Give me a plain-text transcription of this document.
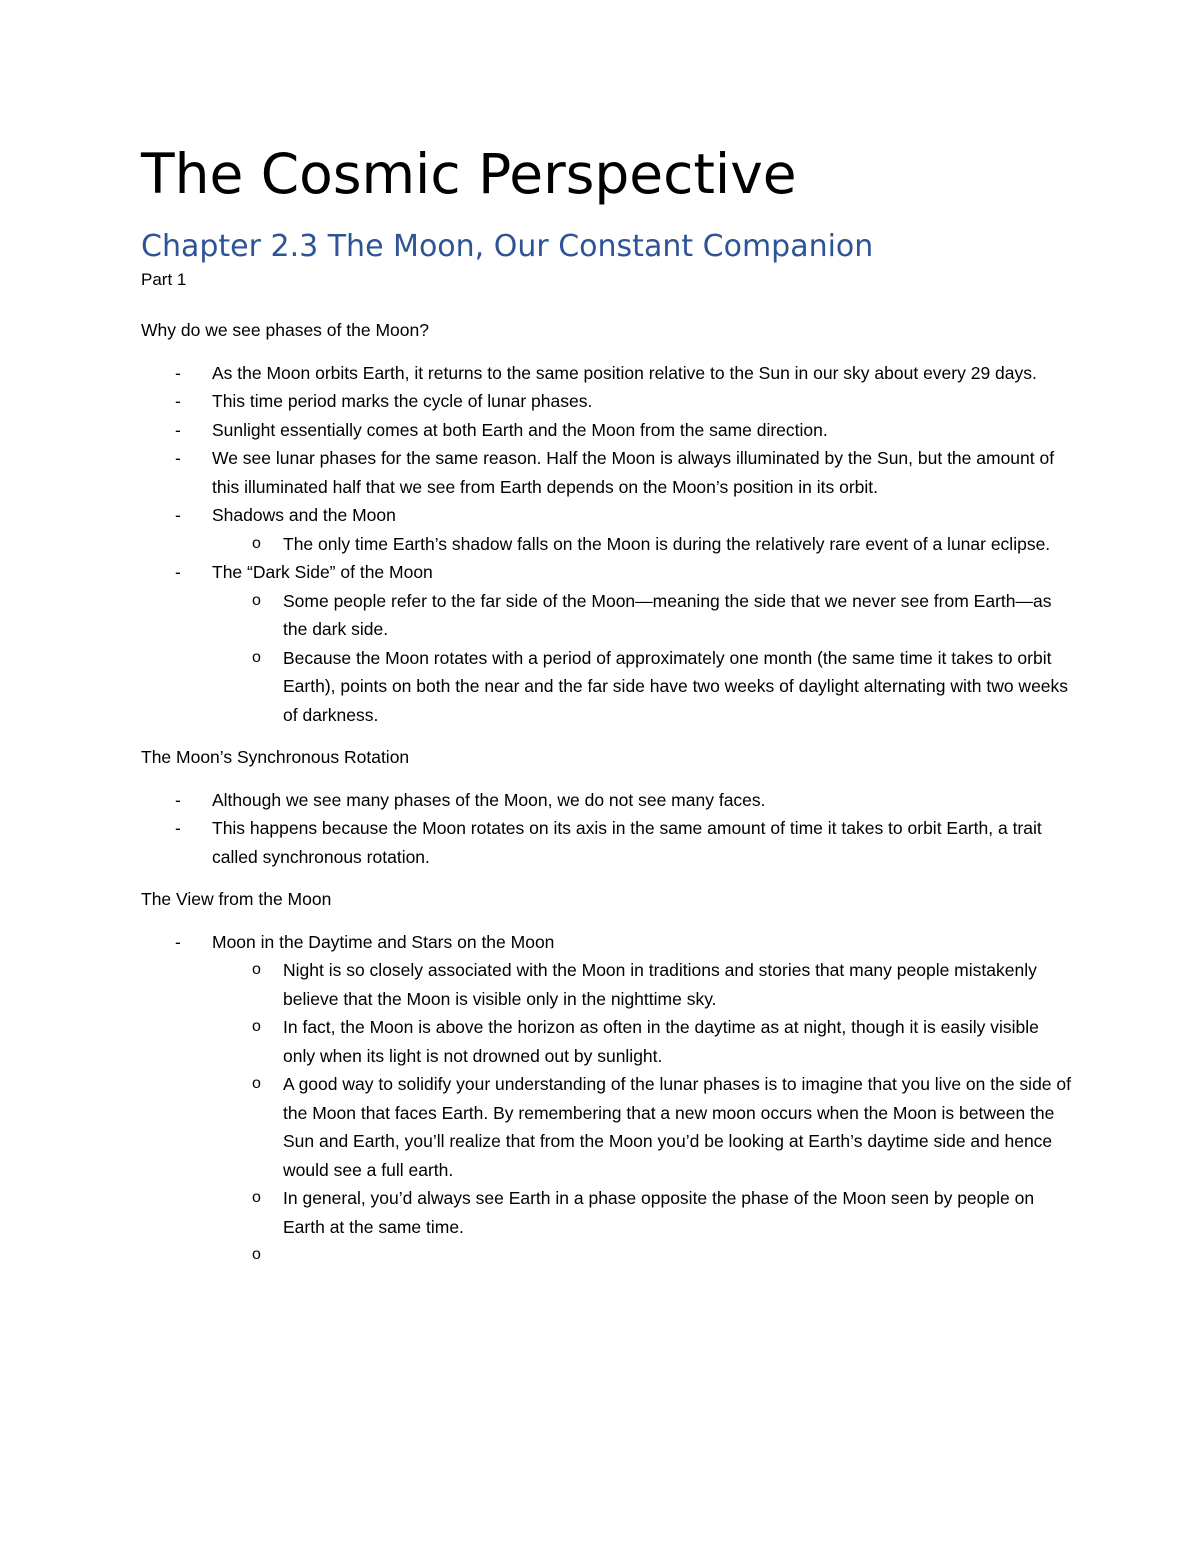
The Cosmic Perspective
Chapter 2.3 The Moon, Our Constant Companion

Part 1

Why do we see phases of the Moon?

- As the Moon orbits Earth, it returns to the same position relative to the Sun in our sky about every 29 days.
- This time period marks the cycle of lunar phases.
- Sunlight essentially comes at both Earth and the Moon from the same direction.
- We see lunar phases for the same reason. Half the Moon is always illuminated by the Sun, but the amount of this illuminated half that we see from Earth depends on the Moon’s position in its orbit.
- Shadows and the Moon
o The only time Earth’s shadow falls on the Moon is during the relatively rare event of a lunar eclipse.
- The “Dark Side” of the Moon
o Some people refer to the far side of the Moon—meaning the side that we never see from Earth—as the dark side.
o Because the Moon rotates with a period of approximately one month (the same time it takes to orbit Earth), points on both the near and the far side have two weeks of daylight alternating with two weeks of darkness.

The Moon’s Synchronous Rotation

- Although we see many phases of the Moon, we do not see many faces.
- This happens because the Moon rotates on its axis in the same amount of time it takes to orbit Earth, a trait called synchronous rotation.

The View from the Moon

- Moon in the Daytime and Stars on the Moon
o Night is so closely associated with the Moon in traditions and stories that many people mistakenly believe that the Moon is visible only in the nighttime sky.
o In fact, the Moon is above the horizon as often in the daytime as at night, though it is easily visible only when its light is not drowned out by sunlight.
o A good way to solidify your understanding of the lunar phases is to imagine that you live on the side of the Moon that faces Earth. By remembering that a new moon occurs when the Moon is between the Sun and Earth, you’ll realize that from the Moon you’d be looking at Earth’s daytime side and hence would see a full earth.
o In general, you’d always see Earth in a phase opposite the phase of the Moon seen by people on Earth at the same time.
o
